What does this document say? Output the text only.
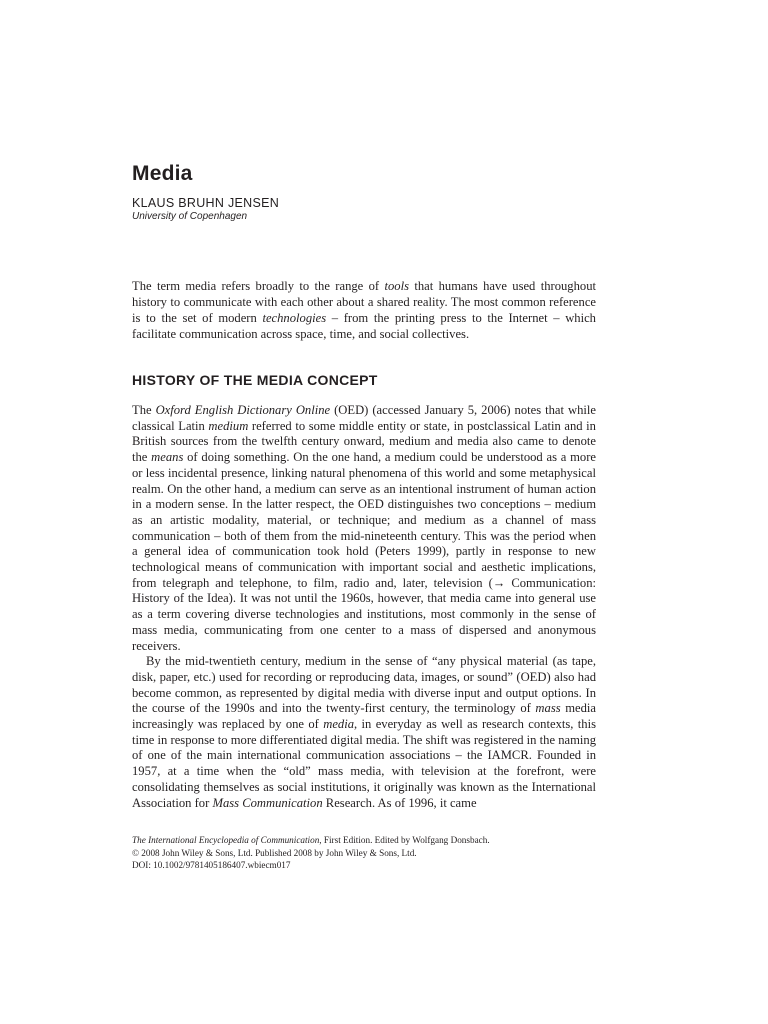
Media
KLAUS BRUHN JENSEN
University of Copenhagen

The term media refers broadly to the range of tools that humans have used throughout history to communicate with each other about a shared reality. The most common reference is to the set of modern technologies – from the printing press to the Internet – which facilitate communication across space, time, and social collectives.

HISTORY OF THE MEDIA CONCEPT

The Oxford English Dictionary Online (OED) (accessed January 5, 2006) notes that while classical Latin medium referred to some middle entity or state, in postclassical Latin and in British sources from the twelfth century onward, medium and media also came to denote the means of doing something. On the one hand, a medium could be understood as a more or less incidental presence, linking natural phenomena of this world and some metaphysical realm. On the other hand, a medium can serve as an intentional instrument of human action in a modern sense. In the latter respect, the OED distinguishes two conceptions – medium as an artistic modality, material, or technique; and medium as a channel of mass communication – both of them from the mid-nineteenth century. This was the period when a general idea of communication took hold (Peters 1999), partly in response to new technological means of communication with important social and aesthetic implications, from telegraph and telephone, to film, radio and, later, television (→ Communication: History of the Idea). It was not until the 1960s, however, that media came into general use as a term covering diverse technologies and institutions, most commonly in the sense of mass media, communicating from one center to a mass of dispersed and anonymous receivers.

By the mid-twentieth century, medium in the sense of “any physical material (as tape, disk, paper, etc.) used for recording or reproducing data, images, or sound” (OED) also had become common, as represented by digital media with diverse input and output options. In the course of the 1990s and into the twenty-first century, the terminology of mass media increasingly was replaced by one of media, in everyday as well as research contexts, this time in response to more differentiated digital media. The shift was registered in the naming of one of the main international communication associations – the IAMCR. Founded in 1957, at a time when the “old” mass media, with television at the forefront, were consolidating themselves as social institutions, it originally was known as the International Association for Mass Communication Research. As of 1996, it came

The International Encyclopedia of Communication, First Edition. Edited by Wolfgang Donsbach.
© 2008 John Wiley & Sons, Ltd. Published 2008 by John Wiley & Sons, Ltd.
DOI: 10.1002/9781405186407.wbiecm017
